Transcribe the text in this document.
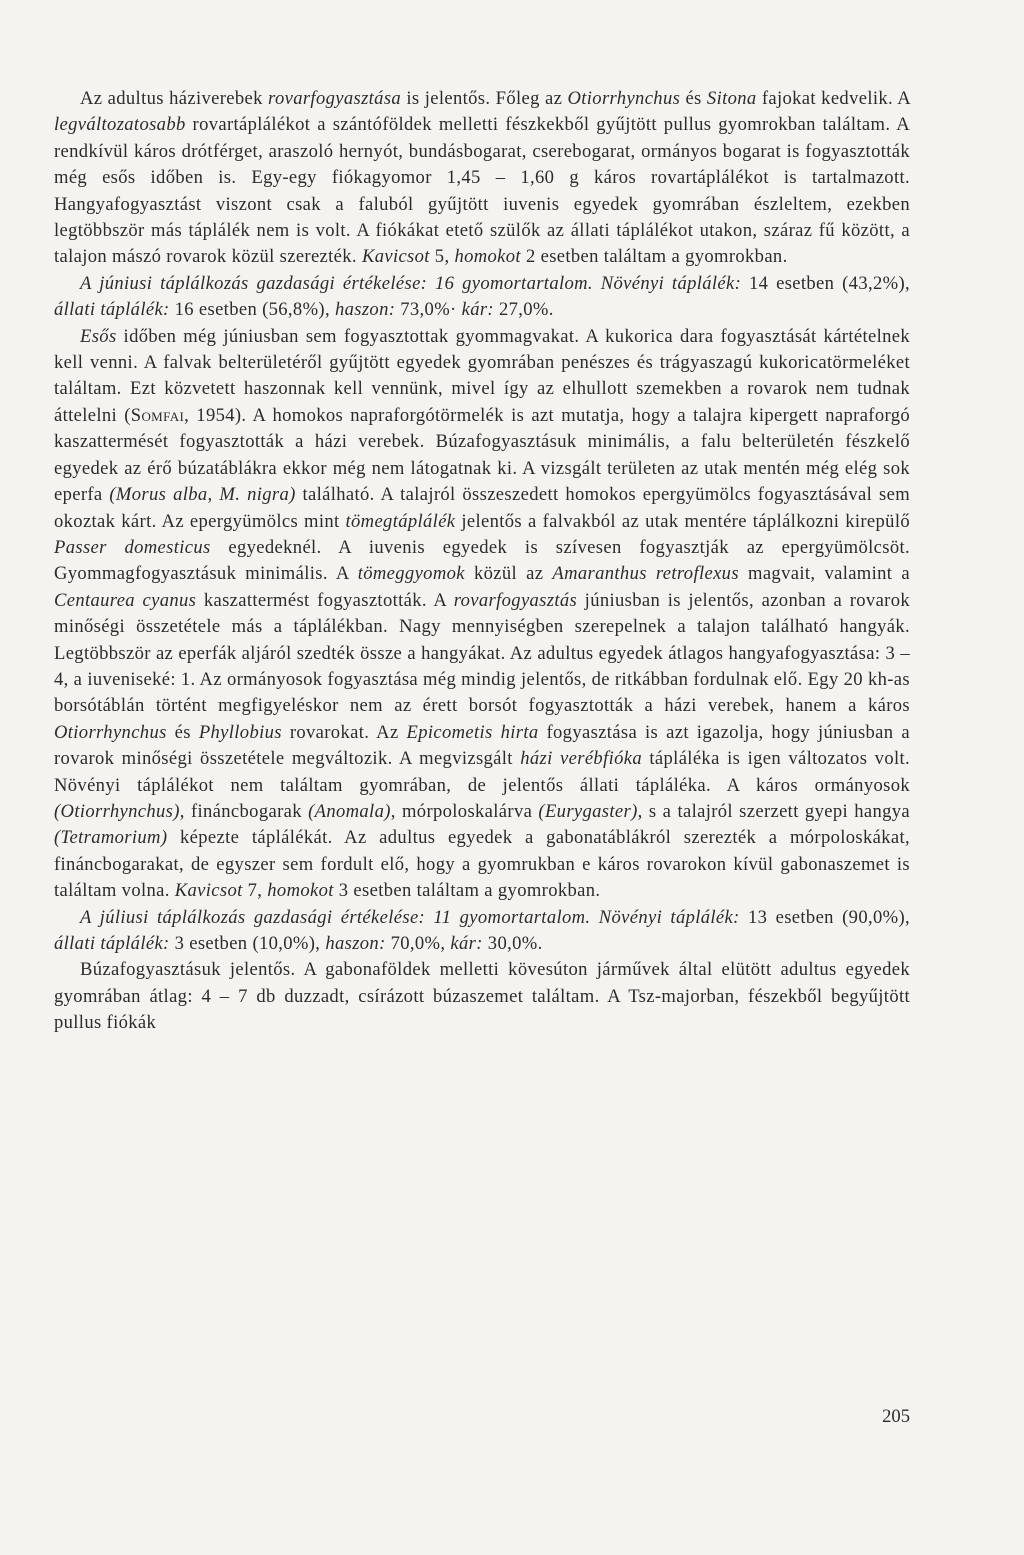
Az adultus háziverebek rovarfogyasztása is jelentős. Főleg az Otiorrhynchus és Sitona fajokat kedvelik. A legváltozatosabb rovartáplálékot a szántóföldek melletti fészkekből gyűjtött pullus gyomrokban találtam. A rendkívül káros drótférget, araszoló hernyót, bundásbogarat, cserebogarat, ormányos bogarat is fogyasztották még esős időben is. Egy-egy fiókagyomor 1,45 – 1,60 g káros rovartáplálékot is tartalmazott. Hangyafogyasztást viszont csak a faluból gyűjtött iuvenis egyedek gyomrában észleltem, ezekben legtöbbször más táplálék nem is volt. A fiókákat etető szülők az állati táplálékot utakon, száraz fű között, a talajon mászó rovarok közül szerezték. Kavicsot 5, homokot 2 esetben találtam a gyomrokban.

A júniusi táplálkozás gazdasági értékelése: 16 gyomortartalom. Növényi táplálék: 14 esetben (43,2%), állati táplálék: 16 esetben (56,8%), haszon: 73,0%· kár: 27,0%.

Esős időben még júniusban sem fogyasztottak gyommagvakat. A kukorica dara fogyasztását kártételnek kell venni. A falvak belterületéről gyűjtött egyedek gyomrában penészes és trágyaszagú kukoricatörmeléket találtam. Ezt közvetett haszonnak kell vennünk, mivel így az elhullott szemekben a rovarok nem tudnak áttelelni (Somfai, 1954). A homokos napraforgótörmelék is azt mutatja, hogy a talajra kipergett napraforgó kaszattermését fogyasztották a házi verebek. Búzafogyasztásuk minimális, a falu belterületén fészkelő egyedek az érő búzatáblákra ekkor még nem látogatnak ki. A vizsgált területen az utak mentén még elég sok eperfa (Morus alba, M. nigra) található. A talajról összeszedett homokos epergyümölcs fogyasztásával sem okoztak kárt. Az epergyümölcs mint tömegtáplálék jelentős a falvakból az utak mentére táplálkozni kirepülő Passer domesticus egyedeknél. A iuvenis egyedek is szívesen fogyasztják az epergyümölcsöt. Gyommagfogyasztásuk minimális. A tömeggyomok közül az Amaranthus retroflexus magvait, valamint a Centaurea cyanus kaszattermést fogyasztották. A rovarfogyasztás júniusban is jelentős, azonban a rovarok minőségi összetétele más a táplálékban. Nagy mennyiségben szerepelnek a talajon található hangyák. Legtöbbször az eperfák aljáról szedték össze a hangyákat. Az adultus egyedek átlagos hangyafogyasztása: 3 – 4, a iuveniseké: 1. Az ormányosok fogyasztása még mindig jelentős, de ritkábban fordulnak elő. Egy 20 kh-as borsótáblán történt megfigyeléskor nem az érett borsót fogyasztották a házi verebek, hanem a káros Otiorrhynchus és Phyllobius rovarokat. Az Epicometis hirta fogyasztása is azt igazolja, hogy júniusban a rovarok minőségi összetétele megváltozik. A megvizsgált házi verébfióka tápláléka is igen változatos volt. Növényi táplálékot nem találtam gyomrában, de jelentős állati tápláléka. A káros ormányosok (Otiorrhynchus), fináncbogarak (Anomala), mórpoloskalárva (Eurygaster), s a talajról szerzett gyepi hangya (Tetramorium) képezte táplálékát. Az adultus egyedek a gabonatáblákról szerezték a mórpoloskákat, fináncbogarakat, de egyszer sem fordult elő, hogy a gyomrukban e káros rovarokon kívül gabonaszemet is találtam volna. Kavicsot 7, homokot 3 esetben találtam a gyomrokban.

A júliusi táplálkozás gazdasági értékelése: 11 gyomortartalom. Növényi táplálék: 13 esetben (90,0%), állati táplálék: 3 esetben (10,0%), haszon: 70,0%, kár: 30,0%.

Búzafogyasztásuk jelentős. A gabonaföldek melletti kövesúton járművek által elütött adultus egyedek gyomrában átlag: 4 – 7 db duzzadt, csírázott búzaszemet találtam. A Tsz-majorban, fészekből begyűjtött pullus fiókák

205
